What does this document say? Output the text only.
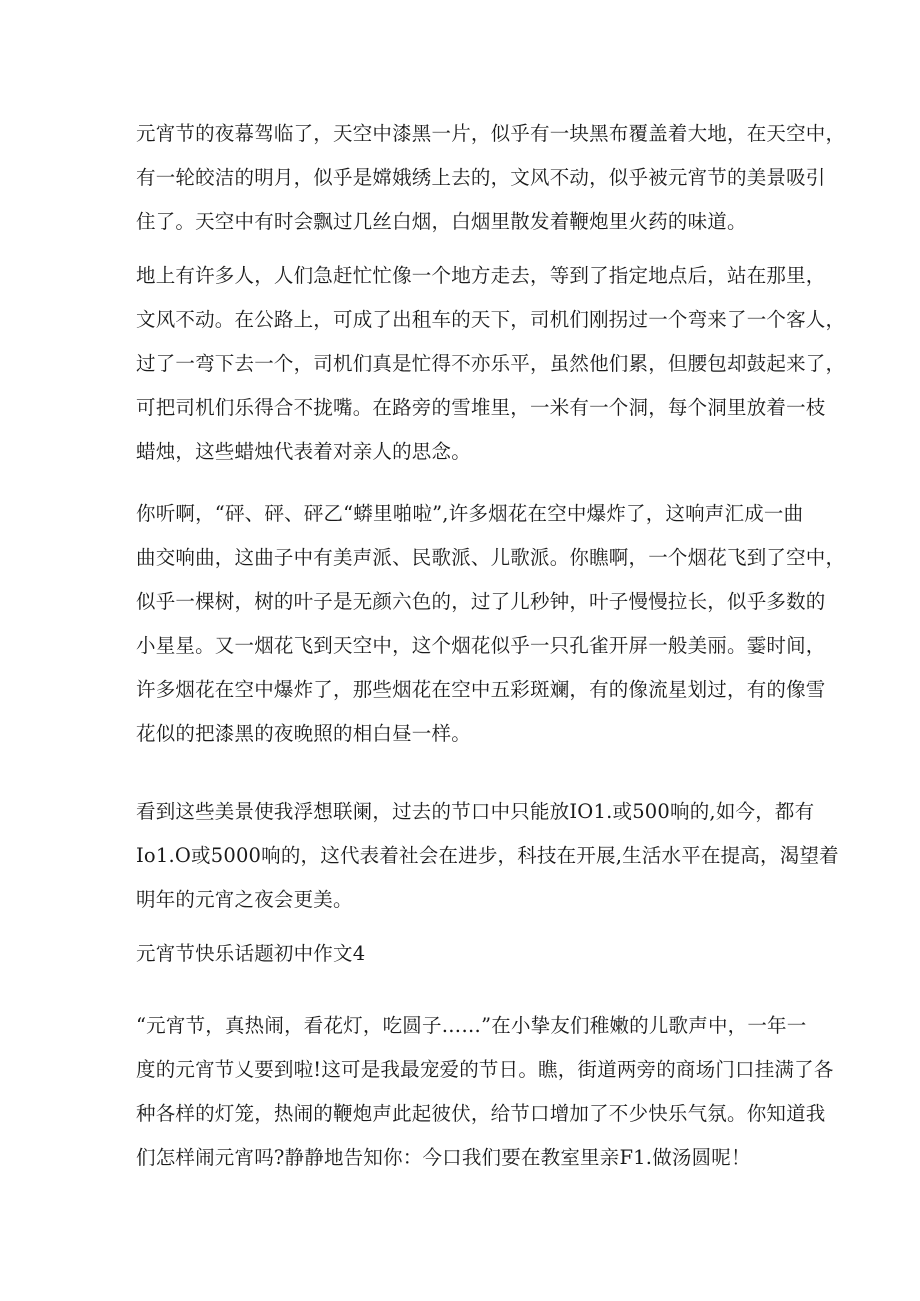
元宵节的夜幕驾临了，天空中漆黑一片，似乎有一块黑布覆盖着大地，在天空中，
有一轮皎洁的明月，似乎是嫦娥绣上去的，文风不动，似乎被元宵节的美景吸引
住了。天空中有时会飘过几丝白烟，白烟里散发着鞭炮里火药的味道。
地上有许多人，人们急赶忙忙像一个地方走去，等到了指定地点后，站在那里，
文风不动。在公路上，可成了出租车的天下，司机们刚拐过一个弯来了一个客人，
过了一弯下去一个，司机们真是忙得不亦乐平，虽然他们累，但腰包却鼓起来了，
可把司机们乐得合不拢嘴。在路旁的雪堆里，一米有一个洞，每个洞里放着一枝
蜡烛，这些蜡烛代表着对亲人的思念。
你听啊，“砰、砰、砰乙“蟒里啪啦”,许多烟花在空中爆炸了，这响声汇成一曲
曲交响曲，这曲子中有美声派、民歌派、儿歌派。你瞧啊，一个烟花飞到了空中，
似乎一棵树，树的叶子是无颜六色的，过了儿秒钟，叶子慢慢拉长，似乎多数的
小星星。又一烟花飞到天空中，这个烟花似乎一只孔雀开屏一般美丽。霎时间，
许多烟花在空中爆炸了，那些烟花在空中五彩斑斓，有的像流星划过，有的像雪
花似的把漆黑的夜晚照的相白昼一样。
看到这些美景使我浮想联阑，过去的节口中只能放IO1.或500响的,如今，都有
Io1.O或5000响的，这代表着社会在进步，科技在开展,生活水平在提高，渴望着
明年的元宵之夜会更美。
元宵节快乐话题初中作文4
“元宵节，真热闹，看花灯，吃圆子……”在小挚友们稚嫩的儿歌声中，一年一
度的元宵节乂要到啦!这可是我最宠爱的节日。瞧，街道两旁的商场门口挂满了各
种各样的灯笼，热闹的鞭炮声此起彼伏，给节口增加了不少快乐气氛。你知道我
们怎样闹元宵吗?静静地告知你：今口我们要在教室里亲F1.做汤圆呢！
